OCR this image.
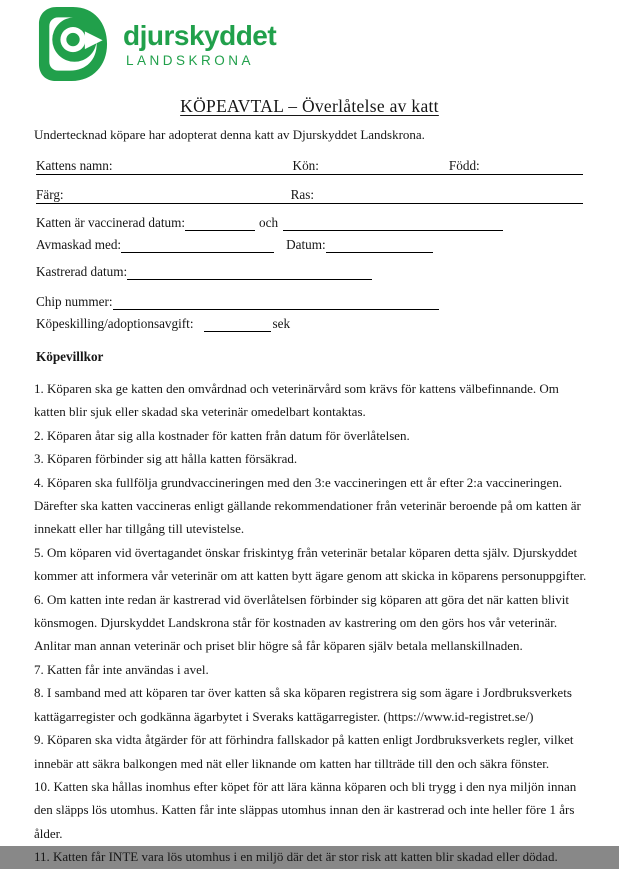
djurskyddet
LANDSKRONA
KÖPEAVTAL – Överlåtelse av katt
Undertecknad köpare har adopterat denna katt av Djurskyddet Landskrona.
Kattens namn:	Kön:	Född:
Färg:	Ras:
Katten är vaccinerad datum:	och
Avmaskad med:	Datum:
Kastrerad datum:
Chip nummer:
Köpeskilling/adoptionsavgift:	sek
Köpevillkor

1. Köparen ska ge katten den omvårdnad och veterinärvård som krävs för kattens välbefinnande. Om katten blir sjuk eller skadad ska veterinär omedelbart kontaktas.

2. Köparen åtar sig alla kostnader för katten från datum för överlåtelsen.

3. Köparen förbinder sig att hålla katten försäkrad.

4. Köparen ska fullfölja grundvaccineringen med den 3:e vaccineringen ett år efter 2:a vaccineringen. Därefter ska katten vaccineras enligt gällande rekommendationer från veterinär beroende på om katten är innekatt eller har tillgång till utevistelse.

5. Om köparen vid övertagandet önskar friskintyg från veterinär betalar köparen detta själv. Djurskyddet kommer att informera vår veterinär om att katten bytt ägare genom att skicka in köparens personuppgifter.

6. Om katten inte redan är kastrerad vid överlåtelsen förbinder sig köparen att göra det när katten blivit könsmogen. Djurskyddet Landskrona står för kostnaden av kastrering om den görs hos vår veterinär. Anlitar man annan veterinär och priset blir högre så får köparen själv betala mellanskillnaden.

7. Katten får inte användas i avel.

8. I samband med att köparen tar över katten så ska köparen registrera sig som ägare i Jordbruksverkets kattägarregister och godkänna ägarbytet i Sveraks kattägarregister. (https://www.id-registret.se/)

9. Köparen ska vidta åtgärder för att förhindra fallskador på katten enligt Jordbruksverkets regler, vilket innebär att säkra balkongen med nät eller liknande om katten har tillträde till den och säkra fönster.

10. Katten ska hållas inomhus efter köpet för att lära känna köparen och bli trygg i den nya miljön innan den släpps lös utomhus. Katten får inte släppas utomhus innan den är kastrerad och inte heller före 1 års ålder.

11. Katten får INTE vara lös utomhus i en miljö där det är stor risk att katten blir skadad eller dödad.
